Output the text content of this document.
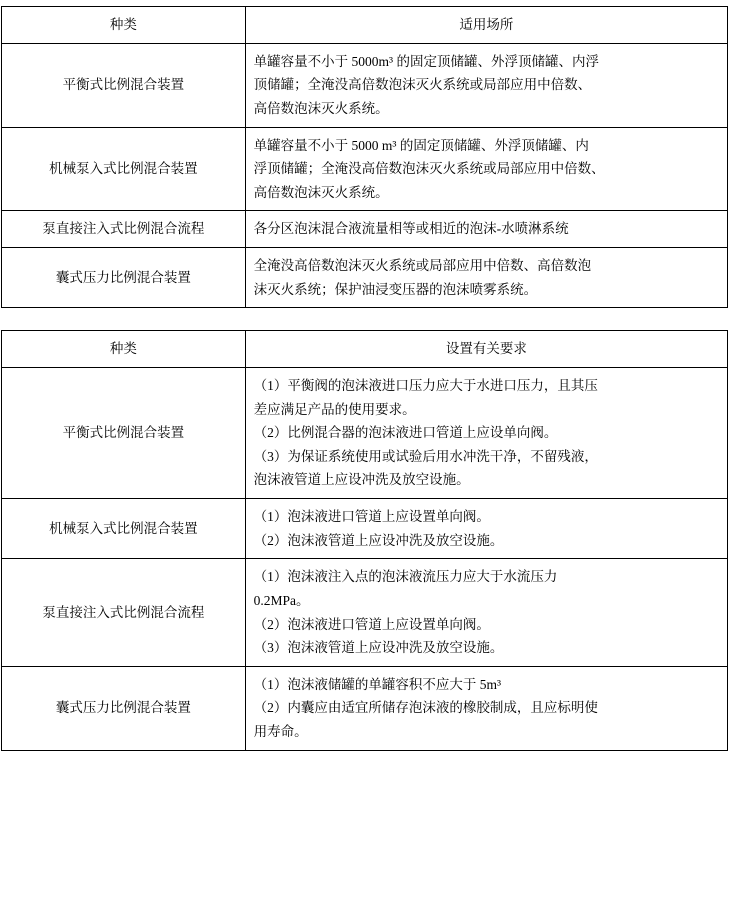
种类	适用场所
平衡式比例混合装置	单罐容量不小于 5000m³ 的固定顶储罐、外浮顶储罐、内浮
顶储罐；全淹没高倍数泡沫灭火系统或局部应用中倍数、
高倍数泡沫灭火系统。

机械泵入式比例混合装置	单罐容量不小于 5000 m³ 的固定顶储罐、外浮顶储罐、内
浮顶储罐；全淹没高倍数泡沫灭火系统或局部应用中倍数、
高倍数泡沫灭火系统。

泵直接注入式比例混合流程	各分区泡沫混合液流量相等或相近的泡沫-水喷淋系统

囊式压力比例混合装置	全淹没高倍数泡沫灭火系统或局部应用中倍数、高倍数泡
沫灭火系统；保护油浸变压器的泡沫喷雾系统。
种类	设置有关要求
平衡式比例混合装置	（1）平衡阀的泡沫液进口压力应大于水进口压力，且其压
差应满足产品的使用要求。
（2）比例混合器的泡沫液进口管道上应设单向阀。
（3）为保证系统使用或试验后用水冲洗干净，不留残液，
泡沫液管道上应设冲洗及放空设施。

机械泵入式比例混合装置	（1）泡沫液进口管道上应设置单向阀。
（2）泡沫液管道上应设冲洗及放空设施。

泵直接注入式比例混合流程	（1）泡沫液注入点的泡沫液流压力应大于水流压力
0.2MPa。
（2）泡沫液进口管道上应设置单向阀。
（3）泡沫液管道上应设冲洗及放空设施。

囊式压力比例混合装置	（1）泡沫液储罐的单罐容积不应大于 5m³
（2）内囊应由适宜所储存泡沫液的橡胶制成，且应标明使
用寿命。
